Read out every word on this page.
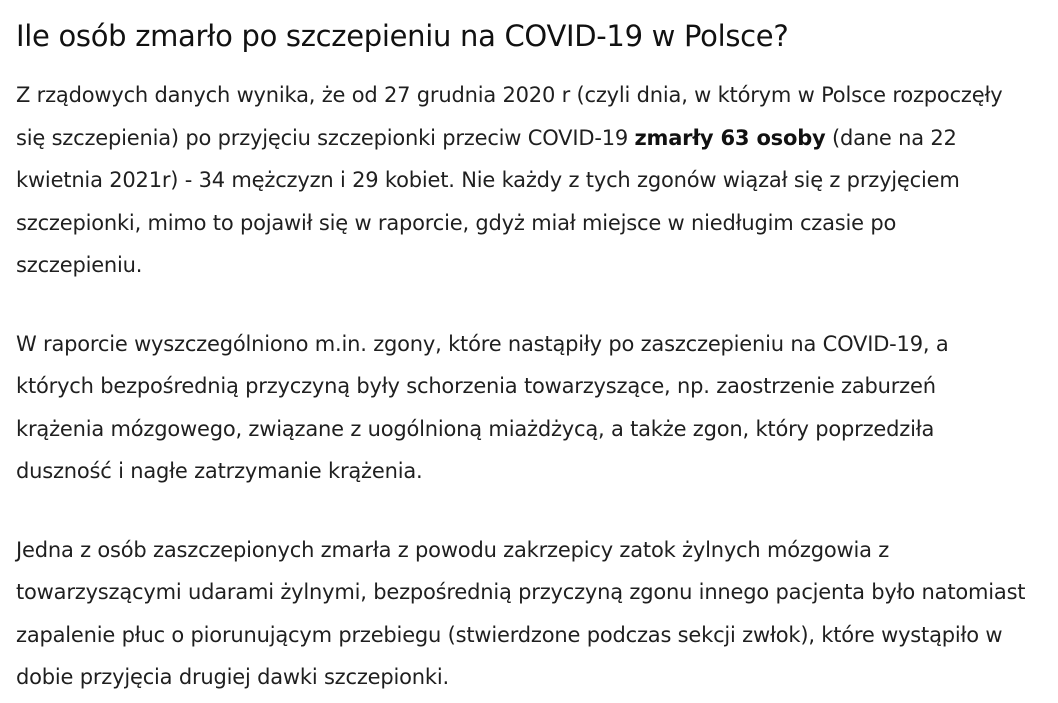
Ile osób zmarło po szczepieniu na COVID-19 w Polsce?

Z rządowych danych wynika, że od 27 grudnia 2020 r (czyli dnia, w którym w Polsce rozpoczęły się szczepienia) po przyjęciu szczepionki przeciw COVID-19 zmarły 63 osoby (dane na 22 kwietnia 2021r) - 34 mężczyzn i 29 kobiet. Nie każdy z tych zgonów wiązał się z przyjęciem szczepionki, mimo to pojawił się w raporcie, gdyż miał miejsce w niedługim czasie po szczepieniu.

W raporcie wyszczególniono m.in. zgony, które nastąpiły po zaszczepieniu na COVID-19, a których bezpośrednią przyczyną były schorzenia towarzyszące, np. zaostrzenie zaburzeń krążenia mózgowego, związane z uogólnioną miażdżycą, a także zgon, który poprzedziła duszność i nagłe zatrzymanie krążenia.

Jedna z osób zaszczepionych zmarła z powodu zakrzepicy zatok żylnych mózgowia z towarzyszącymi udarami żylnymi, bezpośrednią przyczyną zgonu innego pacjenta było natomiast zapalenie płuc o piorunującym przebiegu (stwierdzone podczas sekcji zwłok), które wystąpiło w dobie przyjęcia drugiej dawki szczepionki.
